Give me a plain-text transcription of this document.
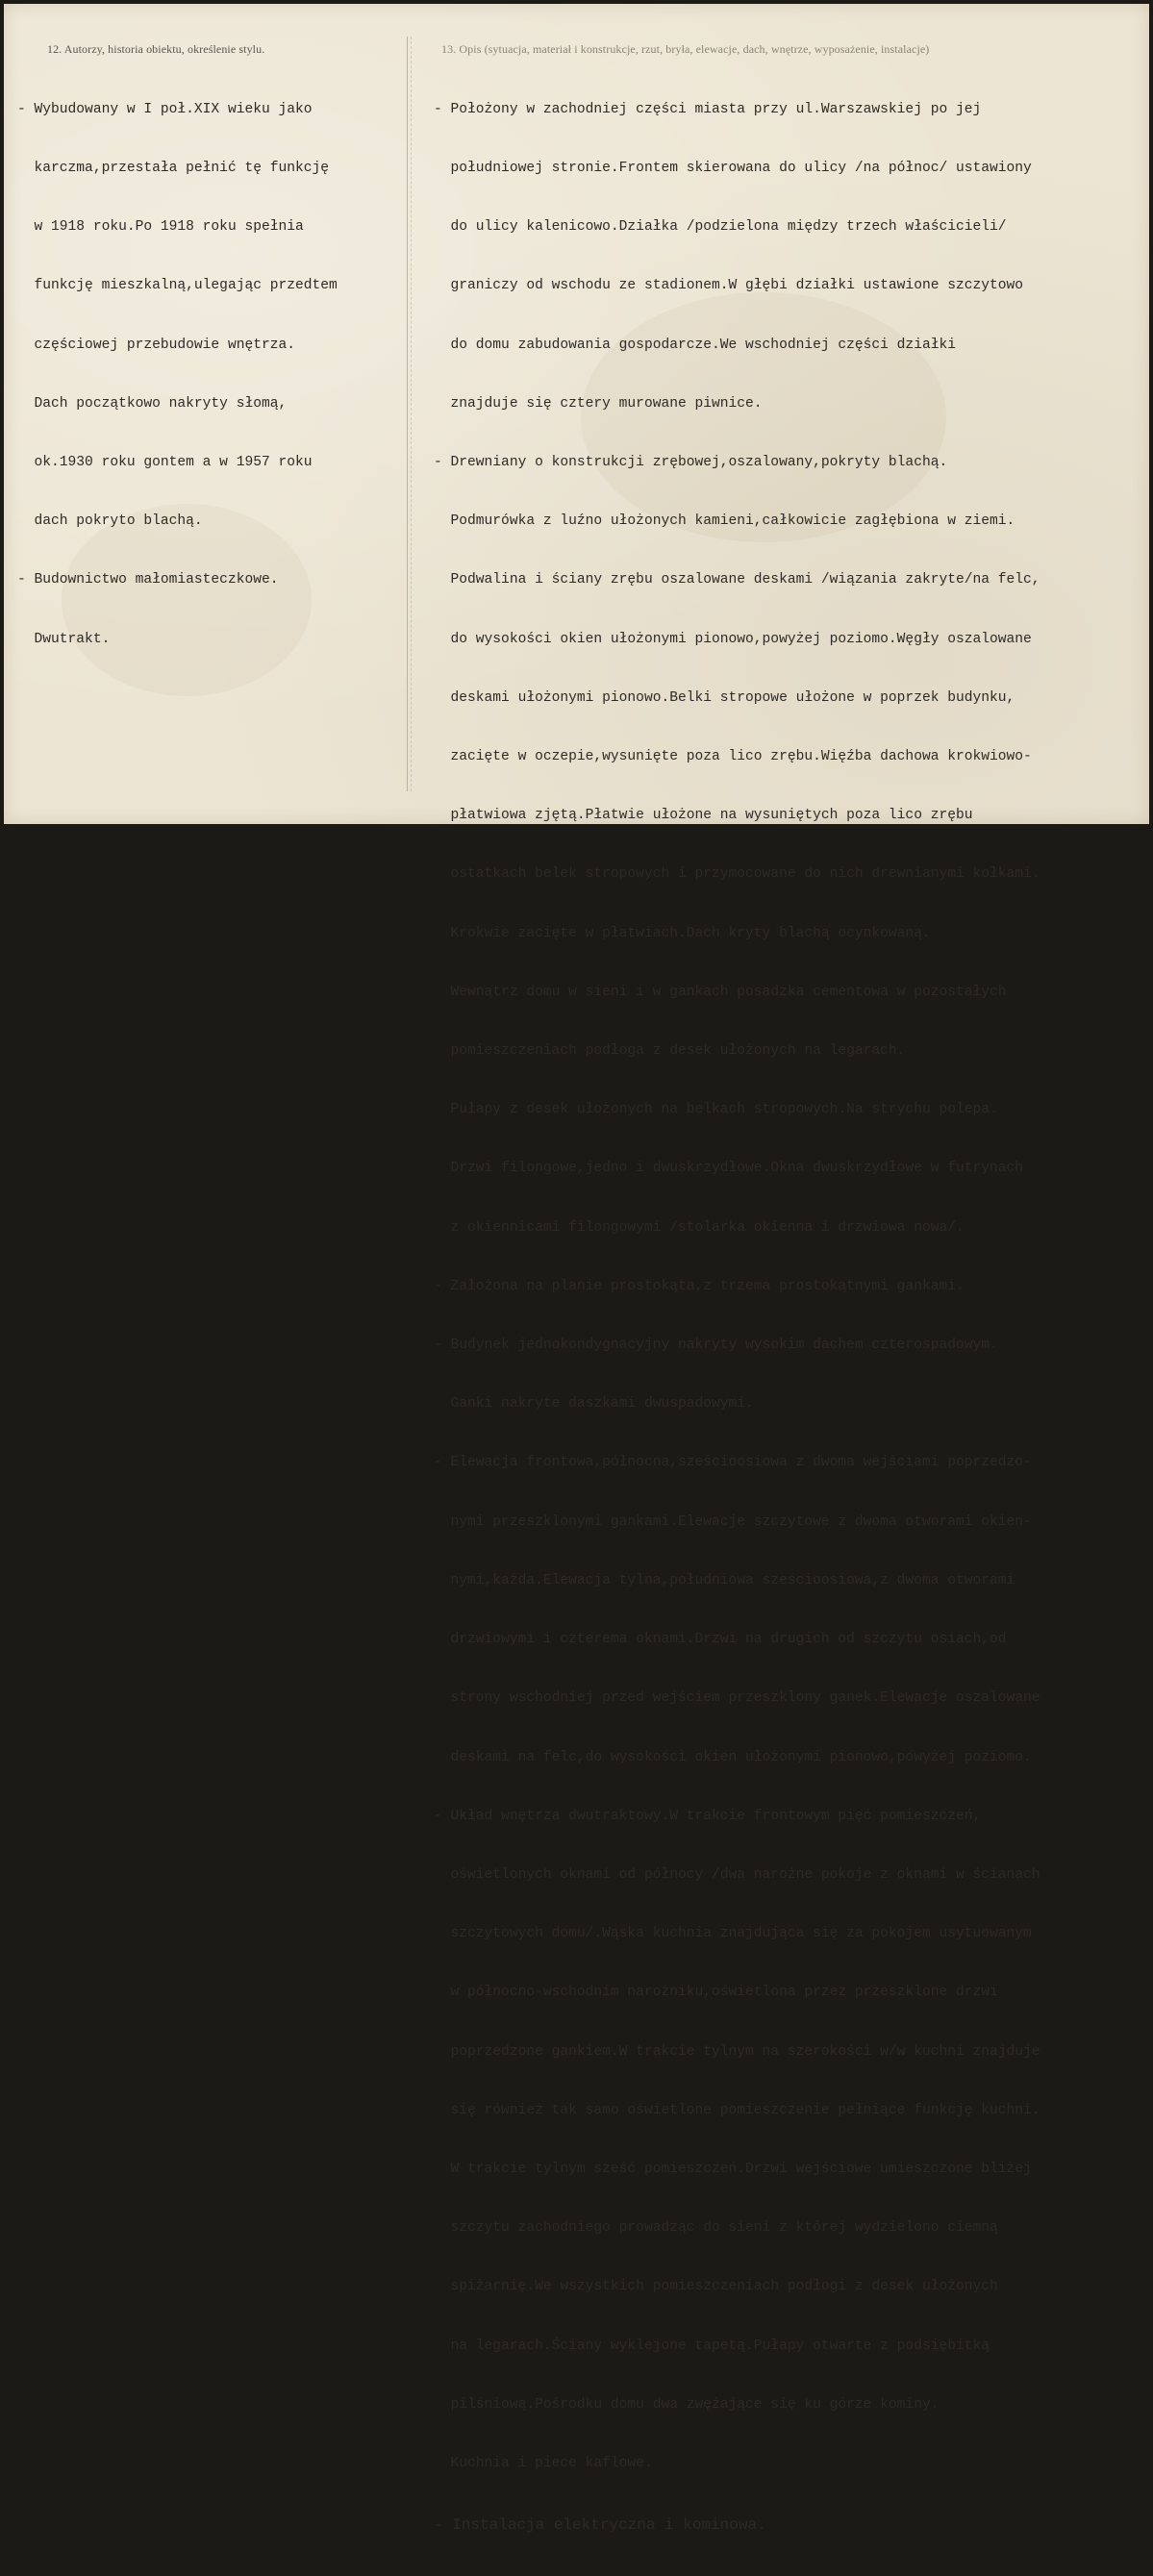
12. Autorzy, historia obiektu, określenie stylu.	13. Opis (sytuacja, materiał i konstrukcje, rzut, bryła, elewacje, dach, wnętrze, wyposażenie, instalacje)

- Wybudowany w I poł.XIX wieku jako

karczma,przestała pełnić tę funkcję

w 1918 roku.Po 1918 roku spełnia

funkcję mieszkalną,ulegając przedtem

częściowej przebudowie wnętrza.

Dach początkowo nakryty słomą,

ok.1930 roku gontem a w 1957 roku

dach pokryto blachą.

- Budownictwo małomiasteczkowe.

Dwutrakt.

- Położony w zachodniej części miasta przy ul.Warszawskiej po jej

południowej stronie.Frontem skierowana do ulicy /na północ/ ustawiony

do ulicy kalenicowo.Działka /podzielona między trzech właścicieli/

graniczy od wschodu ze stadionem.W głębi działki ustawione szczytowo

do domu zabudowania gospodarcze.We wschodniej części działki

znajduje się cztery murowane piwnice.

- Drewniany o konstrukcji zrębowej,oszalowany,pokryty blachą.

Podmurówka z luźno ułożonych kamieni,całkowicie zagłębiona w ziemi.

Podwalina i ściany zrębu oszalowane deskami /wiązania zakryte/na felc,

do wysokości okien ułożonymi pionowo,powyżej poziomo.Węgły oszalowane

deskami ułożonymi pionowo.Belki stropowe ułożone w poprzek budynku,

zacięte w oczepie,wysunięte poza lico zrębu.Więźba dachowa krokwiowo-

płatwiowa zjętą.Płatwie ułożone na wysuniętych poza lico zrębu

ostatkach belek stropowych i przymocowane do nich drewnianymi kołkami.

Krokwie zacięte w płatwiach.Dach kryty blachą ocynkowaną.

Wewnątrz domu w sieni i w gankach posadzka cementowa w pozostałych

pomieszczeniach podłoga z desek ułożonych na legarach.

Pułapy z desek ułożonych na belkach stropowych.Na strychu polepa.

Drzwi filongowe,jedno i dwuskrzydłowe.Okna dwuskrzydłowe w futrynach

z okiennicami filongowymi /stolarka okienna i drzwiowa nowa/.

- Założona na planie prostokąta,z trzema prostokątnymi gankami.

- Budynek jednokondygnacyjny nakryty wysokim dachem czterospadowym.

Ganki nakryte daszkami dwuspadowymi.

- Elewacja frontowa,północna,sześcioosiowa z dwoma wejściami poprzedzo-

nymi przeszklonymi gankami.Elewacje szczytowe z dwoma otworami okien-

nymi,każda.Elewacja tylna,południowa sześcioosiowa,z dwoma otworami

drzwiowymi i czterema oknami.Drzwi na drugich od szczytu osiach,od

strony wschodniej przed wejściem przeszklony ganek.Elewacje oszalowane

deskami na felc,do wysokości okien ułożonymi pionowo,powyżej poziomo.

- Układ wnętrza dwutraktowy.W trakcie frontowym pięć pomieszczeń,

oświetlonych oknami od północy /dwa narożne pokoje z oknami w ścianach

szczytowych domu/.Wąska kuchnia znajdująca się za pokojem usytuowanym

w północno-wschodnim narożniku,oświetlona przez przeszklone drzwi

poprzedzone gankiem.W trakcie tylnym na szerokości w/w kuchni znajduje

się również tak samo oświetlone pomieszczenie pełniące funkcję kuchni.

W trakcie tylnym sześć pomieszczeń.Drzwi wejściowe umieszczone bliżej

szczytu zachodniego prowadząc do sieni z której wydzielono ciemną

spiżarnię.We wszystkich pomieszczeniach podłogi z desek ułożonych

na legarach.Ściany wyklejone tapetą.Pułapy otwarte z podsiębitką

pilśniową.Pośrodku domu dwa zwężające się ku górze kominy.

Kuchnia i piece kaflowe.

- Instalacja elektryczna i kominowa.
